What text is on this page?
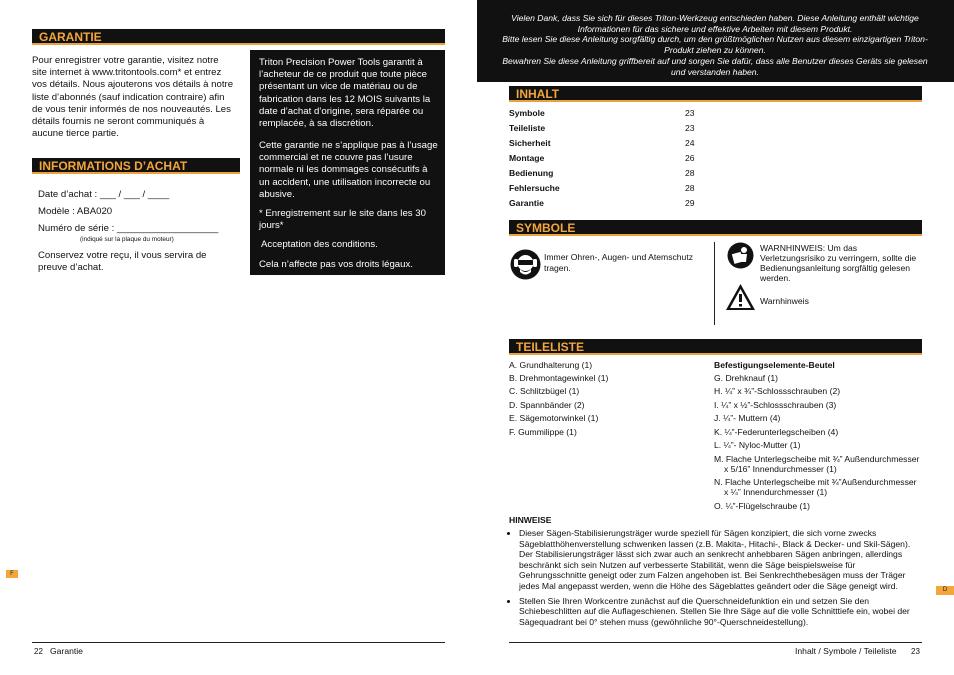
GARANTIE
Pour enregistrer votre garantie, visitez notre site internet à www.tritontools.com* et entrez vos détails. Nous ajouterons vos détails à notre liste d’abonnés (sauf indication contraire) afin de vous tenir informés de nos nouveautés. Les détails fournis ne seront communiqués à aucune tierce partie.
INFORMATIONS D’ACHAT
Date d’achat : ___ / ___ / ____
Modèle : ABA020
Numéro de série : ___________________
(indiqué sur la plaque du moteur)
Conservez votre reçu, il vous servira de preuve d’achat.
Triton Precision Power Tools garantit à l’acheteur de ce produit que toute pièce présentant un vice de matériau ou de fabrication dans les 12 MOIS suivants la date d’achat d’origine, sera réparée ou remplacée, à sa discrétion.
Cette garantie ne s’applique pas à l’usage commercial et ne couvre pas l’usure normale ni les dommages consécutifs à un accident, une utilisation incorrecte ou abusive.
* Enregistrement sur le site dans les 30 jours*
Acceptation des conditions.
Cela n’affecte pas vos droits légaux.
F
22 Garantie
Vielen Dank, dass Sie sich für dieses Triton-Werkzeug entschieden haben. Diese Anleitung enthält wichtige Informationen für das sichere und effektive Arbeiten mit diesem Produkt.
Bitte lesen Sie diese Anleitung sorgfältig durch, um den größtmöglichen Nutzen aus diesem einzigartigen Triton-Produkt ziehen zu können.
Bewahren Sie diese Anleitung griffbereit auf und sorgen Sie dafür, dass alle Benutzer dieses Geräts sie gelesen und verstanden haben.
INHALT
Symbole	23
Teileliste	23
Sicherheit	24
Montage	26
Bedienung	28
Fehlersuche	28
Garantie	29
SYMBOLE
Immer Ohren-, Augen- und Atemschutz tragen.
WARNHINWEIS: Um das Verletzungsrisiko zu verringern, sollte die Bedienungsanleitung sorgfältig gelesen werden.
Warnhinweis
TEILELISTE
A. Grundhalterung (1)
B. Drehmontagewinkel (1)
C. Schlitzbügel (1)
D. Spannbänder (2)
E. Sägemotorwinkel (1)
F. Gummilippe (1)
Befestigungselemente-Beutel
G. Drehknauf (1)
H. ¼” x ¾”-Schlossschrauben (2)
I. ¼” x ½”-Schlossschrauben (3)
J. ¼”- Muttern (4)
K. ¼”-Federunterlegscheiben (4)
L. ¼”- Nyloc-Mutter (1)
M. Flache Unterlegscheibe mit ¾” Außendurchmesser
x 5/16” Innendurchmesser (1)
N. Flache Unterlegscheibe mit ¾”Außendurchmesser
x ¼” Innendurchmesser (1)
O. ¼”-Flügelschraube (1)
HINWEISE
• Dieser Sägen-Stabilisierungsträger wurde speziell für Sägen konzipiert, die sich vorne zwecks Sägeblatthöhenverstellung schwenken lassen (z.B. Makita-, Hitachi-, Black & Decker- und Skil-Sägen). Der Stabilisierungsträger lässt sich zwar auch an senkrecht anhebbaren Sägen anbringen, allerdings beschränkt sich sein Nutzen auf verbesserte Stabilität, wenn die Säge beispielsweise für Gehrungsschnitte geneigt oder zum Falzen angehoben ist. Bei Senkrechthebesägen muss der Träger jedes Mal angepasst werden, wenn die Höhe des Sägeblattes geändert oder die Säge geneigt wird.
• Stellen Sie Ihren Workcentre zunächst auf die Querschneidefunktion ein und setzen Sie den Schiebeschlitten auf die Auflageschienen. Stellen Sie Ihre Säge auf die volle Schnitttiefe ein, wobei der Sägequadrant bei 0° stehen muss (gewöhnliche 90°-Querschneidestellung).
D
Inhalt / Symbole / Teileliste 23
